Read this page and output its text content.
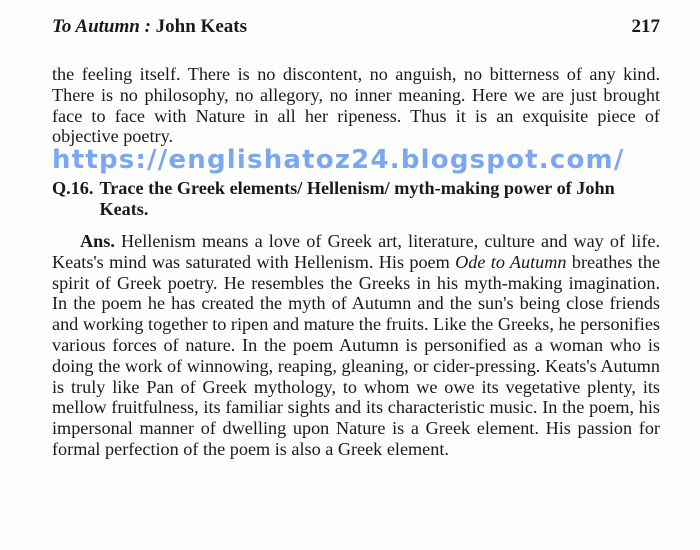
To Autumn : John Keats	217

the feeling itself. There is no discontent, no anguish, no bitterness of any kind. There is no philosophy, no allegory, no inner meaning. Here we are just brought face to face with Nature in all her ripeness. Thus it is an exquisite piece of objective poetry.

https://englishatoz24.blogspot.com/
Q.16. Trace the Greek elements/ Hellenism/ myth-making power of John Keats.

Ans. Hellenism means a love of Greek art, literature, culture and way of life. Keats's mind was saturated with Hellenism. His poem Ode to Autumn breathes the spirit of Greek poetry. He resembles the Greeks in his myth-making imagination. In the poem he has created the myth of Autumn and the sun's being close friends and working together to ripen and mature the fruits. Like the Greeks, he personifies various forces of nature. In the poem Autumn is personified as a woman who is doing the work of winnowing, reaping, gleaning, or cider-pressing. Keats's Autumn is truly like Pan of Greek mythology, to whom we owe its vegetative plenty, its mellow fruitfulness, its familiar sights and its characteristic music. In the poem, his impersonal manner of dwelling upon Nature is a Greek element. His passion for formal perfection of the poem is also a Greek element.
